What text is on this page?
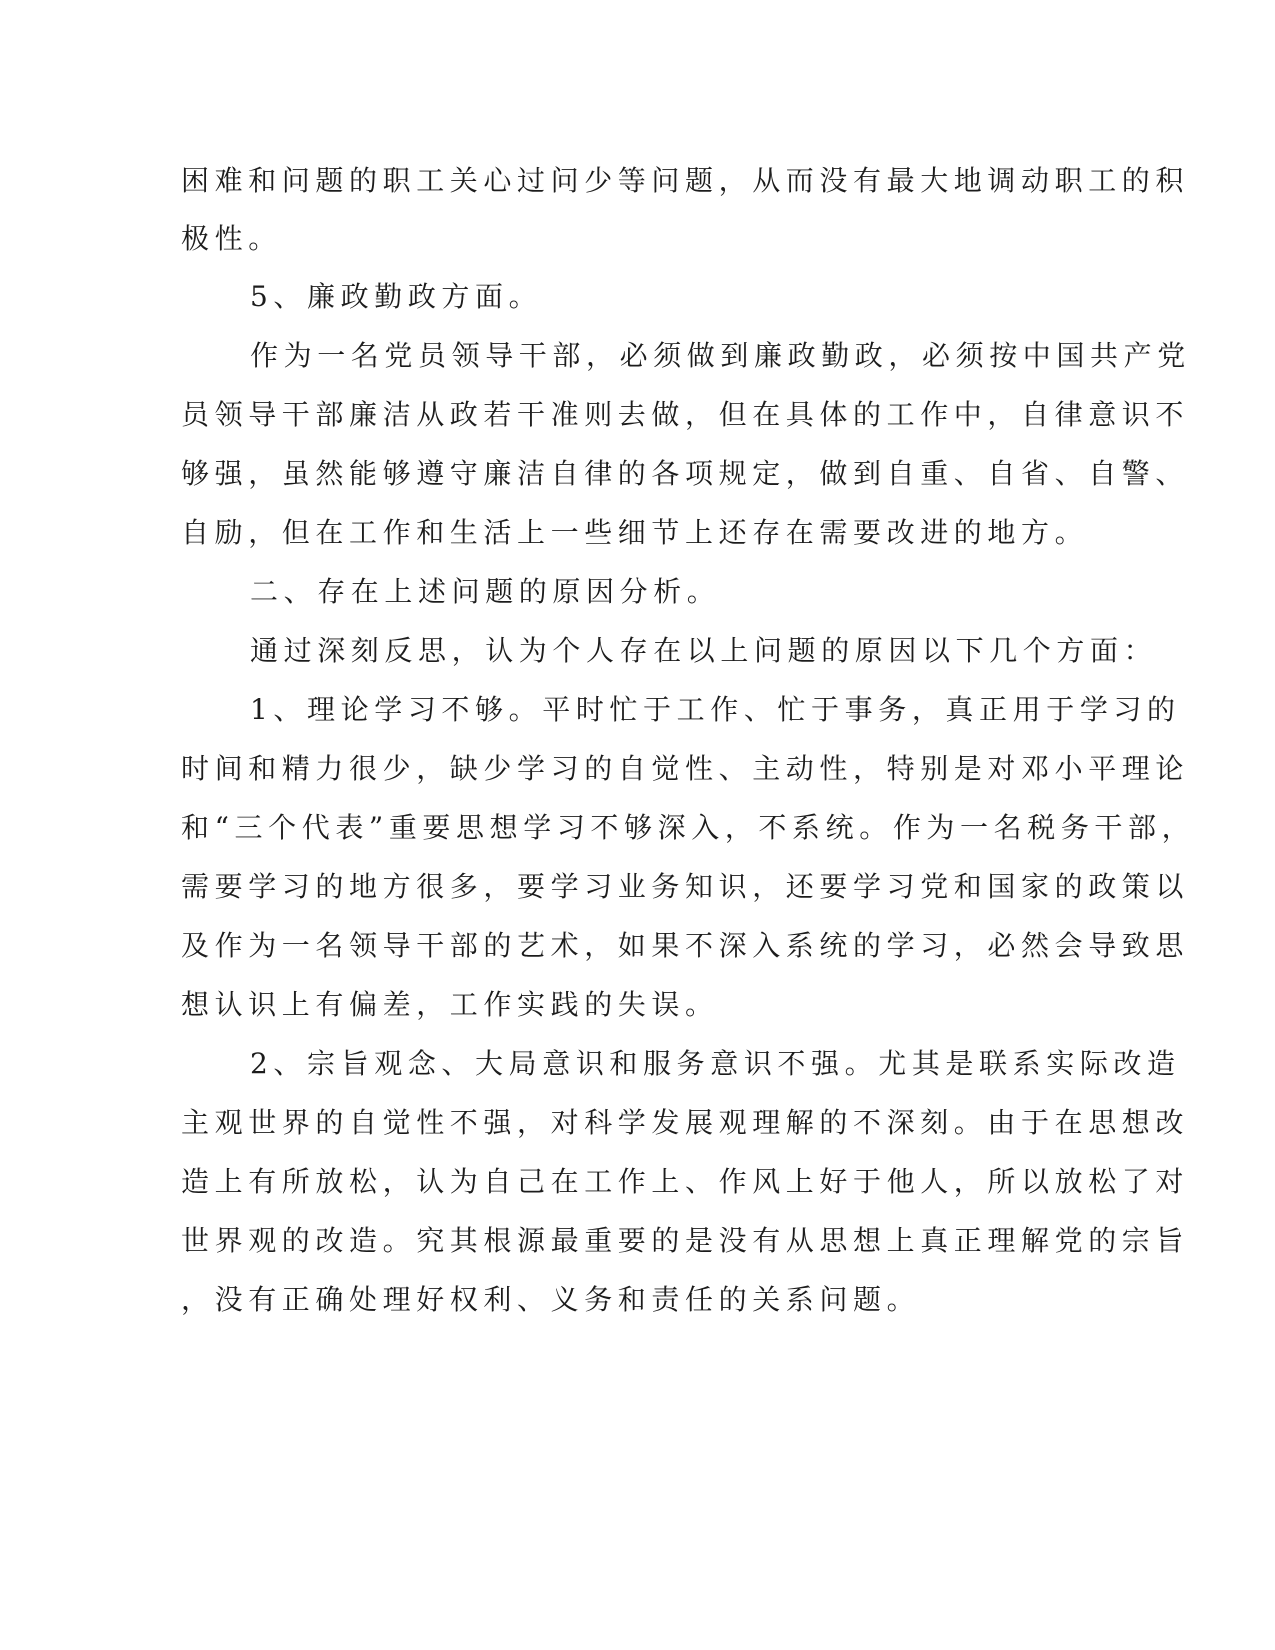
困难和问题的职工关心过问少等问题，从而没有最大地调动职工的积
极性。
5、廉政勤政方面。
作为一名党员领导干部，必须做到廉政勤政，必须按中国共产党
员领导干部廉洁从政若干准则去做，但在具体的工作中，自律意识不
够强，虽然能够遵守廉洁自律的各项规定，做到自重、自省、自警、
自励，但在工作和生活上一些细节上还存在需要改进的地方。
二、存在上述问题的原因分析。
通过深刻反思，认为个人存在以上问题的原因以下几个方面：
1、理论学习不够。平时忙于工作、忙于事务，真正用于学习的
时间和精力很少，缺少学习的自觉性、主动性，特别是对邓小平理论
和“三个代表”重要思想学习不够深入，不系统。作为一名税务干部，
需要学习的地方很多，要学习业务知识，还要学习党和国家的政策以
及作为一名领导干部的艺术，如果不深入系统的学习，必然会导致思
想认识上有偏差，工作实践的失误。
2、宗旨观念、大局意识和服务意识不强。尤其是联系实际改造
主观世界的自觉性不强，对科学发展观理解的不深刻。由于在思想改
造上有所放松，认为自己在工作上、作风上好于他人，所以放松了对
世界观的改造。究其根源最重要的是没有从思想上真正理解党的宗旨
，没有正确处理好权利、义务和责任的关系问题。
